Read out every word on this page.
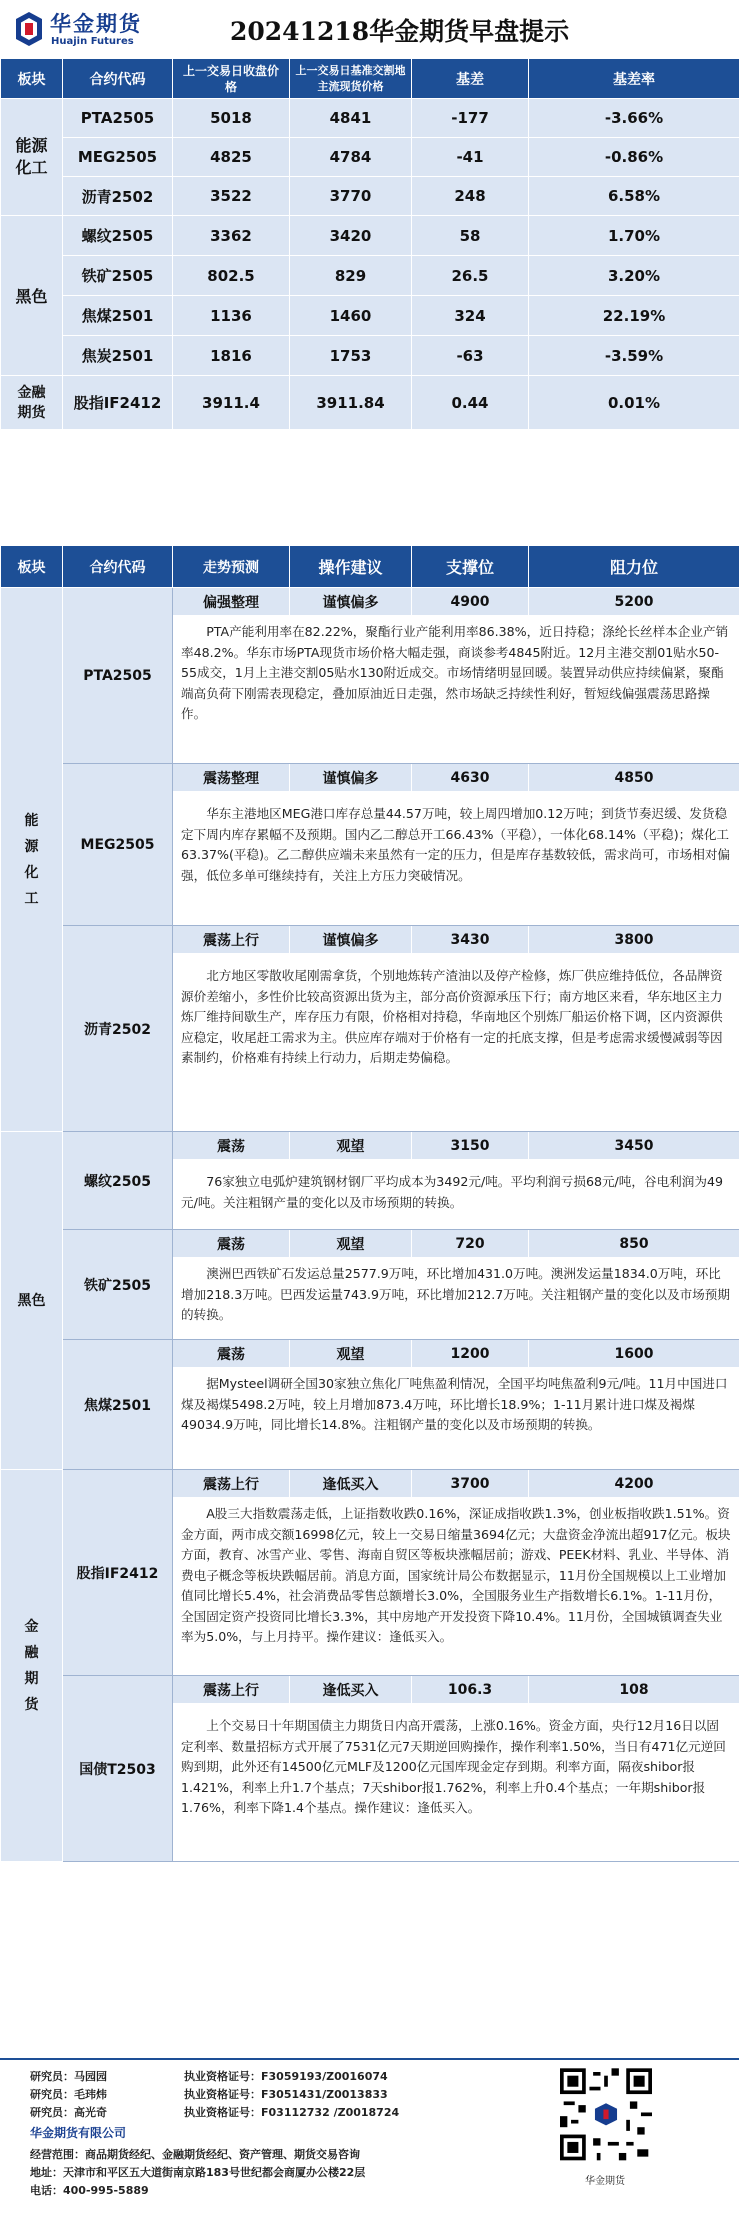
华金期货
Huajin Futures	20241218华金期货早盘提示
板块	合约代码	上一交易日收盘价格	上一交易日基准交割地主流现货价格	基差	基差率
能源化工	PTA2505	5018	4841	-177	-3.66%
	MEG2505	4825	4784	-41	-0.86%
	沥青2502	3522	3770	248	6.58%
黑色	螺纹2505	3362	3420	58	1.70%
	铁矿2505	802.5	829	26.5	3.20%
	焦煤2501	1136	1460	324	22.19%
	焦炭2501	1816	1753	-63	-3.59%
金融期货	股指IF2412	3911.4	3911.84	0.44	0.01%
板块	合约代码	走势预测	操作建议	支撑位	阻力位
能源化工	PTA2505	偏强整理	谨慎偏多	4900	5200
		PTA产能利用率在82.22%，聚酯行业产能利用率86.38%，近日持稳；涤纶长丝样本企业产销率48.2%。华东市场PTA现货市场价格大幅走强，商谈参考4845附近。12月主港交割01贴水50-55成交，1月上主港交割05贴水130附近成交。市场情绪明显回暖。装置异动供应持续偏紧，聚酯端高负荷下刚需表现稳定，叠加原油近日走强，然市场缺乏持续性利好，暂短线偏强震荡思路操作。			
	MEG2505	震荡整理	谨慎偏多	4630	4850
		华东主港地区MEG港口库存总量44.57万吨，较上周四增加0.12万吨；到货节奏迟缓、发货稳定下周内库存累幅不及预期。国内乙二醇总开工66.43%（平稳），一体化68.14%（平稳)；煤化工63.37%(平稳)。乙二醇供应端未来虽然有一定的压力，但是库存基数较低，需求尚可，市场相对偏强，低位多单可继续持有，关注上方压力突破情况。			
	沥青2502	震荡上行	谨慎偏多	3430	3800
		北方地区零散收尾刚需拿货，个别地炼转产渣油以及停产检修，炼厂供应维持低位，各品牌资源价差缩小，多性价比较高资源出货为主，部分高价资源承压下行；南方地区来看，华东地区主力炼厂维持间歇生产，库存压力有限，价格相对持稳，华南地区个别炼厂船运价格下调，区内资源供应稳定，收尾赶工需求为主。供应库存端对于价格有一定的托底支撑，但是考虑需求缓慢减弱等因素制约，价格难有持续上行动力，后期走势偏稳。			
黑色	螺纹2505	震荡	观望	3150	3450
		76家独立电弧炉建筑钢材钢厂平均成本为3492元/吨。平均利润亏损68元/吨，谷电利润为49元/吨。关注粗钢产量的变化以及市场预期的转换。			
	铁矿2505	震荡	观望	720	850
		澳洲巴西铁矿石发运总量2577.9万吨，环比增加431.0万吨。澳洲发运量1834.0万吨，环比增加218.3万吨。巴西发运量743.9万吨，环比增加212.7万吨。关注粗钢产量的变化以及市场预期的转换。			
	焦煤2501	震荡	观望	1200	1600
		据Mysteel调研全国30家独立焦化厂吨焦盈利情况，全国平均吨焦盈利9元/吨。11月中国进口煤及褐煤5498.2万吨，较上月增加873.4万吨，环比增长18.9%；1-11月累计进口煤及褐煤49034.9万吨，同比增长14.8%。注粗钢产量的变化以及市场预期的转换。			
金融期货	股指IF2412	震荡上行	逢低买入	3700	4200
		A股三大指数震荡走低，上证指数收跌0.16%，深证成指收跌1.3%，创业板指收跌1.51%。资金方面，两市成交额16998亿元，较上一交易日缩量3694亿元；大盘资金净流出超917亿元。板块方面，教育、冰雪产业、零售、海南自贸区等板块涨幅居前；游戏、PEEK材料、乳业、半导体、消费电子概念等板块跌幅居前。消息方面，国家统计局公布数据显示，11月份全国规模以上工业增加值同比增长5.4%，社会消费品零售总额增长3.0%，全国服务业生产指数增长6.1%。1-11月份，全国固定资产投资同比增长3.3%，其中房地产开发投资下降10.4%。11月份，全国城镇调查失业率为5.0%，与上月持平。操作建议：逢低买入。			
	国债T2503	震荡上行	逢低买入	106.3	108
		上个交易日十年期国债主力期货日内高开震荡，上涨0.16%。资金方面，央行12月16日以固定利率、数量招标方式开展了7531亿元7天期逆回购操作，操作利率1.50%，当日有471亿元逆回购到期，此外还有14500亿元MLF及1200亿元国库现金定存到期。利率方面，隔夜shibor报1.421%，利率上升1.7个基点；7天shibor报1.762%，利率上升0.4个基点；一年期shibor报1.76%，利率下降1.4个基点。操作建议：逢低买入。			
研究员：马园园	执业资格证号：F3059193/Z0016074
研究员：毛玮炜	执业资格证号：F3051431/Z0013833
研究员：高光奇	执业资格证号：F03112732 /Z0018724
华金期货有限公司
经营范围：商品期货经纪、金融期货经纪、资产管理、期货交易咨询
地址：天津市和平区五大道街南京路183号世纪都会商厦办公楼22层
电话：400-995-5889
华金期货
